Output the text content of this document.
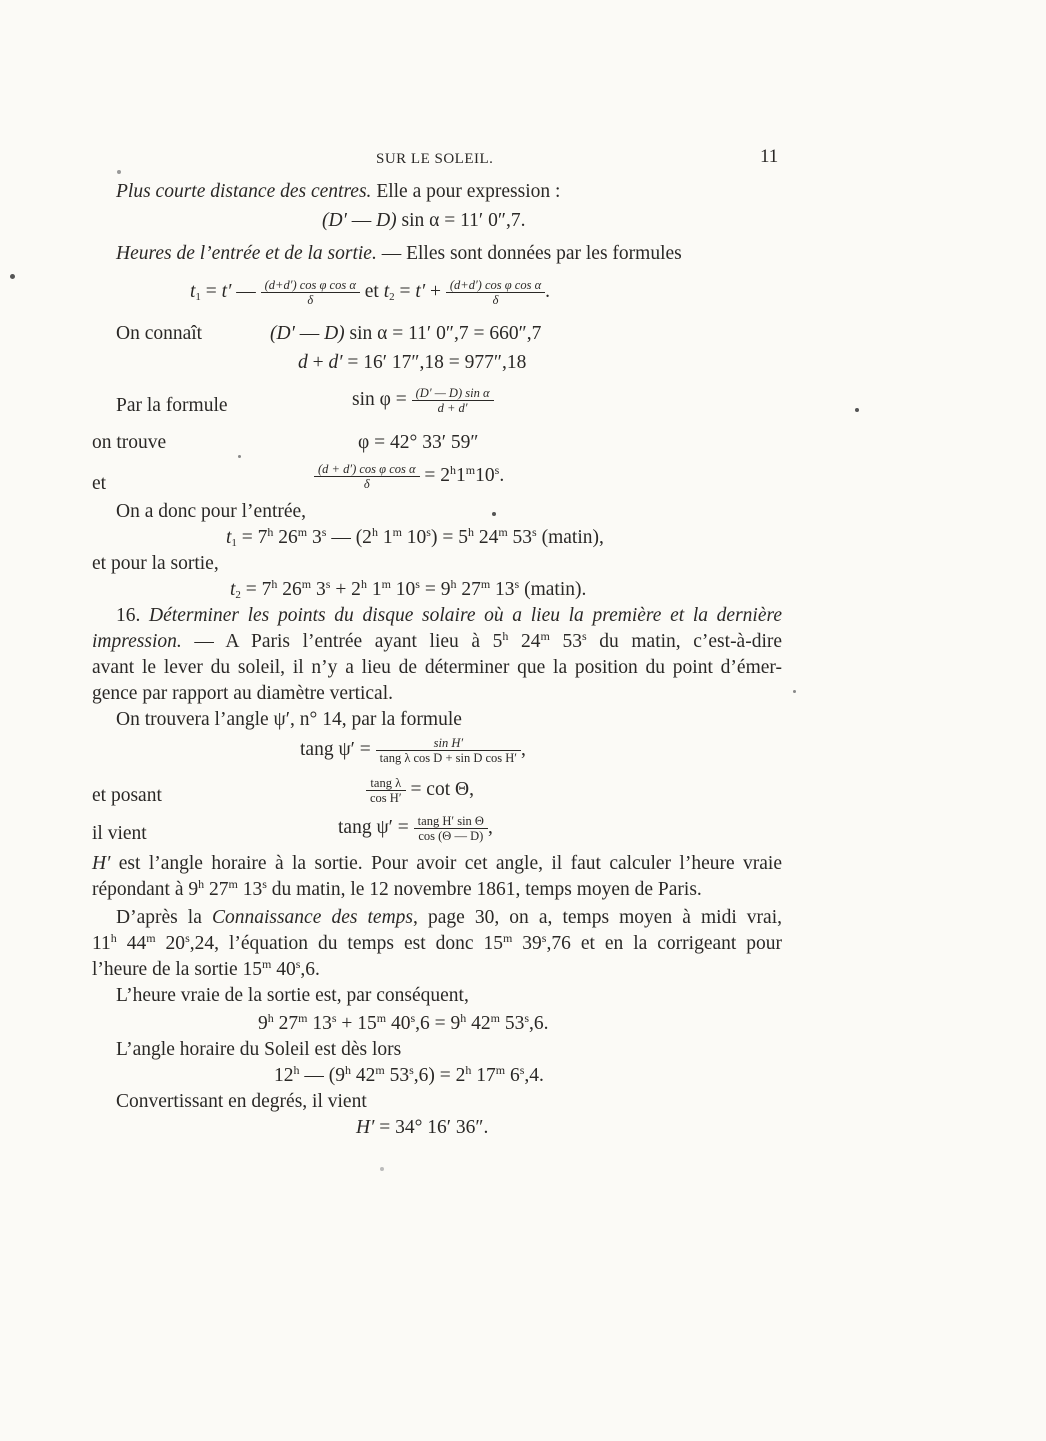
SUR LE SOLEIL.	11
Plus courte distance des centres. Elle a pour expression :
(D′ — D) sin α = 11′ 0″,7.
Heures de l’entrée et de la sortie. — Elles sont données par les formules
$t_1 = t'$ — $\frac{\text{(d+d′) cos φ cos α}}{\delta}$ et $t_2 = t' + \frac{\text{(d+d′) cos φ cos α}}{\delta}$ .
On connaît	(D′ — D) sin α = 11′ 0″,7 = 660″,7
d + d′ = 16′ 17″,18 = 977″,18
Par la formule	$\sin \varphi = \frac{\text{(D′ — D) sin α}}{d + d'}$
on trouve	φ = 42° 33′ 59″
et	$\frac{\text{(d + d′) cos φ cos α}}{\delta} = 2^h1^m10^s$.
On a donc pour l’entrée,
$t_1 = 7^h$ 26$^m$ 3$^s$ — (2$^h$ 1$^m$ $10^s) = 5^h$ 24$^m$ 53$^s$ (matin),
et pour la sortie,
$t_2 = 7^h$ 26$^m$ $3^s + 2^h$ 1$^m$ $10^s = 9^h$ 27$^m$ 13$^s$ (matin).
16. Déterminer les points du disque solaire où a lieu la première et la dernière
impression. — A Paris l’entrée ayant lieu à 5$^h$ 24$^m$ 53$^s$ du matin, c’est-à-dire
avant le lever du soleil, il n’y a lieu de déterminer que la position du point d’émer-
gence par rapport au diamètre vertical.
On trouvera l’angle ψ′, n° 14, par la formule
tang $\psi' = \frac{\text{sin H′}}{\text{tang λ cos D + sin D cos H′}}$ ,
et posant	$\frac{\text{tang λ}}{\text{cos H′}} = \cot \Theta$,
il vient	tang $\psi' = \frac{\text{tang H′ sin Θ}}{\cos (\Theta — D)}$ ,
H′ est l’angle horaire à la sortie. Pour avoir cet angle, il faut calculer l’heure vraie
répondant à 9$^h$ 27$^m$ 13$^s$ du matin, le 12 novembre 1861, temps moyen de Paris.
D’après la Connaissance des temps, page 30, on a, temps moyen à midi vrai,
11$^h$ 44$^m$ 20$^s$,24, l’équation du temps est donc 15$^m$ 39$^s$,76 et en la corrigeant pour
l’heure de la sortie 15$^m$ 40$^s$,6.
L’heure vraie de la sortie est, par conséquent,
9$^h$ 27$^m$ $13^s + 15^m$ $40^s,6 = 9^h$ 42$^m$ 53$^s$,6.
L’angle horaire du Soleil est dès lors
12$^h$ — (9$^h$ 42$^m$ $53^s,6) = 2^h$ 17$^m$ 6$^s$,4.
Convertissant en degrés, il vient
H′ = 34° 16′ 36″.
